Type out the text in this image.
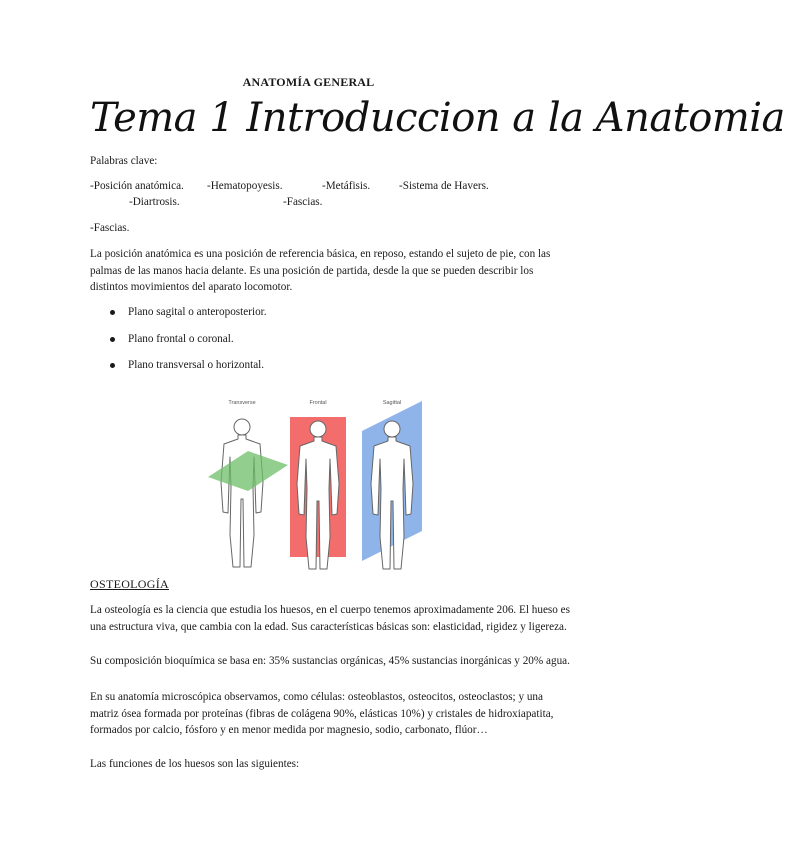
ANATOMÍA GENERAL
Tema 1 Introduccion a la Anatomia
Palabras clave:
-Posición anatómica. -Hematopoyesis.	-Metáfisis.	-Sistema de Havers.
-Diartrosis.	-Fascias.
-Fascias.
La posición anatómica es una posición de referencia básica, en reposo, estando el sujeto de pie, con las palmas de las manos hacia delante. Es una posición de partida, desde la que se pueden describir los distintos movimientos del aparato locomotor.
Plano sagital o anteroposterior.
Plano frontal o coronal.
Plano transversal o horizontal.
Transverse	Frontal	Sagittal
OSTEOLOGÍA
La osteología es la ciencia que estudia los huesos, en el cuerpo tenemos aproximadamente 206. El hueso es una estructura viva, que cambia con la edad. Sus características básicas son: elasticidad, rigidez y ligereza.
Su composición bioquímica se basa en: 35% sustancias orgánicas, 45% sustancias inorgánicas y 20% agua.
En su anatomía microscópica observamos, como células: osteoblastos, osteocitos, osteoclastos; y una matriz ósea formada por proteínas (fibras de colágena 90%, elásticas 10%) y cristales de hidroxiapatita, formados por calcio, fósforo y en menor medida por magnesio, sodio, carbonato, flúor…
Las funciones de los huesos son las siguientes:
